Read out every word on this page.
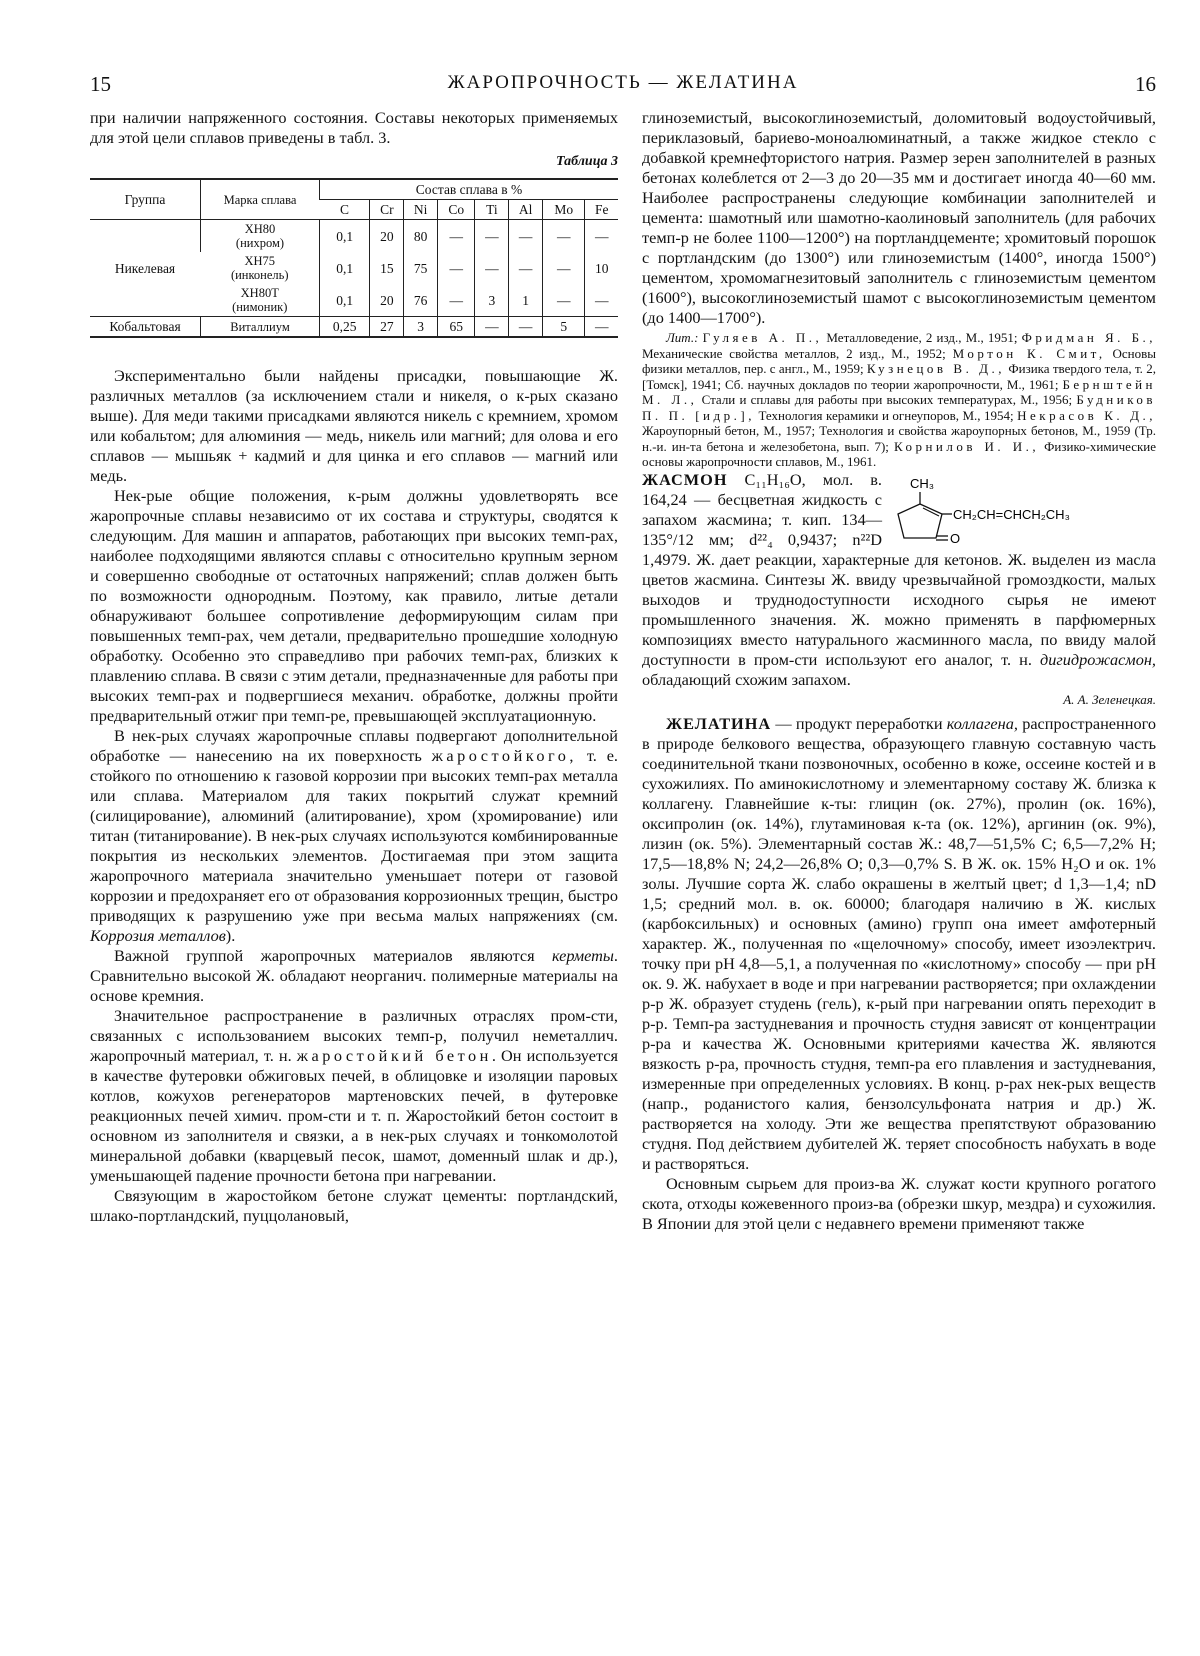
15	ЖАРОПРОЧНОСТЬ — ЖЕЛАТИНА	16

при наличии напряженного состояния. Составы некоторых применяемых для этой цели сплавов приведены в табл. 3.

Таблица 3
Группа	Марка сплава	Состав сплава в %							
		C	Cr	Ni	Co	Ti	Al	Mo	Fe
Никелевая	ХН80
(нихром)	0,1	20	80	—	—	—	—	—
	ХН75
(инконель)	0,1	15	75	—	—	—	—	10
	ХН80Т
(нимоник)	0,1	20	76	—	3	1	—	—
Кобальтовая	Виталлиум	0,25	27	3	65	—	—	5	—

Экспериментально были найдены присадки, повышающие Ж. различных металлов (за исключением стали и никеля, о к-рых сказано выше). Для меди такими присадками являются никель с кремнием, хромом или кобальтом; для алюминия — медь, никель или магний; для олова и его сплавов — мышьяк + кадмий и для цинка и его сплавов — магний или медь.

Нек-рые общие положения, к-рым должны удовлетворять все жаропрочные сплавы независимо от их состава и структуры, сводятся к следующим. Для машин и аппаратов, работающих при высоких темп-рах, наиболее подходящими являются сплавы с относительно крупным зерном и совершенно свободные от остаточных напряжений; сплав должен быть по возможности однородным. Поэтому, как правило, литые детали обнаруживают большее сопротивление деформирующим силам при повышенных темп-рах, чем детали, предварительно прошедшие холодную обработку. Особенно это справедливо при рабочих темп-рах, близких к плавлению сплава. В связи с этим детали, предназначенные для работы при высоких темп-рах и подвергшиеся механич. обработке, должны пройти предварительный отжиг при темп-ре, превышающей эксплуатационную.

В нек-рых случаях жаропрочные сплавы подвергают дополнительной обработке — нанесению на их поверхность жаростойкого, т. е. стойкого по отношению к газовой коррозии при высоких темп-рах металла или сплава. Материалом для таких покрытий служат кремний (силицирование), алюминий (алитирование), хром (хромирование) или титан (титанирование). В нек-рых случаях используются комбинированные покрытия из нескольких элементов. Достигаемая при этом защита жаропрочного материала значительно уменьшает потери от газовой коррозии и предохраняет его от образования коррозионных трещин, быстро приводящих к разрушению уже при весьма малых напряжениях (см. Коррозия металлов).

Важной группой жаропрочных материалов являются керметы. Сравнительно высокой Ж. обладают неорганич. полимерные материалы на основе кремния.

Значительное распространение в различных отраслях пром-сти, связанных с использованием высоких темп-р, получил неметаллич. жаропрочный материал, т. н. жаростойкий бетон. Он используется в качестве футеровки обжиговых печей, в облицовке и изоляции паровых котлов, кожухов регенераторов мартеновских печей, в футеровке реакционных печей химич. пром-сти и т. п. Жаростойкий бетон состоит в основном из заполнителя и связки, а в нек-рых случаях и тонкомолотой минеральной добавки (кварцевый песок, шамот, доменный шлак и др.), уменьшающей падение прочности бетона при нагревании.

Связующим в жаростойком бетоне служат цементы: портландский, шлако-портландский, пуццолановый,

глиноземистый, высокоглиноземистый, доломитовый водоустойчивый, периклазовый, бариево-моноалюминатный, а также жидкое стекло с добавкой кремнефтористого натрия. Размер зерен заполнителей в разных бетонах колеблется от 2—3 до 20—35 мм и достигает иногда 40—60 мм. Наиболее распространены следующие комбинации заполнителей и цемента: шамотный или шамотно-каолиновый заполнитель (для рабочих темп-р не более 1100—1200°) на портландцементе; хромитовый порошок с портландским (до 1300°) или глиноземистым (1400°, иногда 1500°) цементом, хромомагнезитовый заполнитель с глиноземистым цементом (1600°), высокоглиноземистый шамот с высокоглиноземистым цементом (до 1400—1700°).

Лит.: Гуляев А. П., Металловедение, 2 изд., М., 1951; Фридман Я. Б., Механические свойства металлов, 2 изд., М., 1952; Мортон К. Смит, Основы физики металлов, пер. с англ., М., 1959; Кузнецов В. Д., Физика твердого тела, т. 2, [Томск], 1941; Сб. научных докладов по теории жаропрочности, М., 1961; Бернштейн М. Л., Стали и сплавы для работы при высоких температурах, М., 1956; Будников П. П. [идр.], Технология керамики и огнеупоров, М., 1954; Некрасов К. Д., Жароупорный бетон, М., 1957; Технология и свойства жароупорных бетонов, М., 1959 (Тр. н.-и. ин-та бетона и железобетона, вып. 7); Корнилов И. И., Физико-химические основы жаропрочности сплавов, М., 1961.

CH₃
CH₂CH=CHCH₂CH₃
O
ЖАСМОН C₁₁H₁₆O, мол. в. 164,24 — бесцветная жидкость с запахом жасмина; т. кип. 134—135°/12 мм; d²²₄ 0,9437; n²²D 1,4979. Ж. дает реакции, характерные для кетонов. Ж. выделен из масла цветов жасмина. Синтезы Ж. ввиду чрезвычайной громоздкости, малых выходов и труднодоступности исходного сырья не имеют промышленного значения. Ж. можно применять в парфюмерных композициях вместо натурального жасминного масла, по ввиду малой доступности в пром-сти используют его аналог, т. н. дигидрожасмон, обладающий схожим запахом.

А. А. Зеленецкая.

ЖЕЛАТИНА — продукт переработки коллагена, распространенного в природе белкового вещества, образующего главную составную часть соединительной ткани позвоночных, особенно в коже, оссеине костей и в сухожилиях. По аминокислотному и элементарному составу Ж. близка к коллагену. Главнейшие к-ты: глицин (ок. 27%), пролин (ок. 16%), оксипролин (ок. 14%), глутаминовая к-та (ок. 12%), аргинин (ок. 9%), лизин (ок. 5%). Элементарный состав Ж.: 48,7—51,5% C; 6,5—7,2% H; 17,5—18,8% N; 24,2—26,8% O; 0,3—0,7% S. В Ж. ок. 15% H₂O и ок. 1% золы. Лучшие сорта Ж. слабо окрашены в желтый цвет; d 1,3—1,4; nD 1,5; средний мол. в. ок. 60000; благодаря наличию в Ж. кислых (карбоксильных) и основных (амино) групп она имеет амфотерный характер. Ж., полученная по «щелочному» способу, имеет изоэлектрич. точку при pH 4,8—5,1, а полученная по «кислотному» способу — при pH ок. 9. Ж. набухает в воде и при нагревании растворяется; при охлаждении р-р Ж. образует студень (гель), к-рый при нагревании опять переходит в р-р. Темп-ра застудневания и прочность студня зависят от концентрации р-ра и качества Ж. Основными критериями качества Ж. являются вязкость р-ра, прочность студня, темп-ра его плавления и застудневания, измеренные при определенных условиях. В конц. р-рах нек-рых веществ (напр., роданистого калия, бензолсульфоната натрия и др.) Ж. растворяется на холоду. Эти же вещества препятствуют образованию студня. Под действием дубителей Ж. теряет способность набухать в воде и растворяться.

Основным сырьем для произ-ва Ж. служат кости крупного рогатого скота, отходы кожевенного произ-ва (обрезки шкур, мездра) и сухожилия. В Японии для этой цели с недавнего времени применяют также
